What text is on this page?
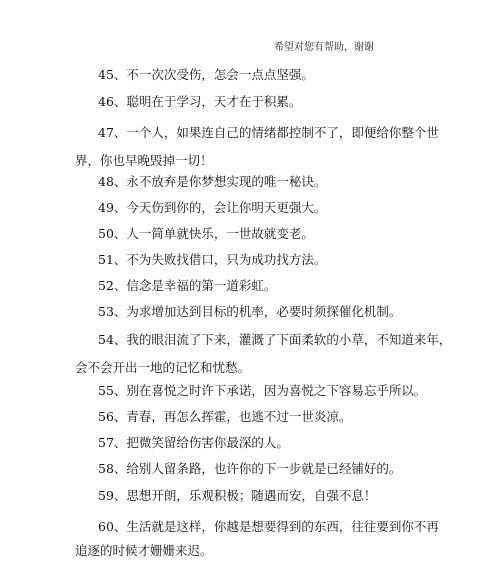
希望对您有帮助，谢谢
45、不一次次受伤，怎会一点点坚强。
46、聪明在于学习，天才在于积累。
47、一个人，如果连自己的情绪都控制不了，即便给你整个世
界，你也早晚毁掉一切！
48、永不放弃是你梦想实现的唯一秘诀。
49、今天伤到你的，会让你明天更强大。
50、人一简单就快乐，一世故就变老。
51、不为失败找借口，只为成功找方法。
52、信念是幸福的第一道彩虹。
53、为求增加达到目标的机率，必要时须探催化机制。
54、我的眼泪流了下来，灌溉了下面柔软的小草，不知道来年，
会不会开出一地的记忆和忧愁。
55、别在喜悦之时许下承诺，因为喜悦之下容易忘乎所以。
56、青春，再怎么挥霍，也逃不过一世炎凉。
57、把微笑留给伤害你最深的人。
58、给别人留条路，也许你的下一步就是已经铺好的。
59、思想开朗，乐观积极；随遇而安，自强不息！
60、生活就是这样，你越是想要得到的东西，往往要到你不再
追逐的时候才姗姗来迟。
